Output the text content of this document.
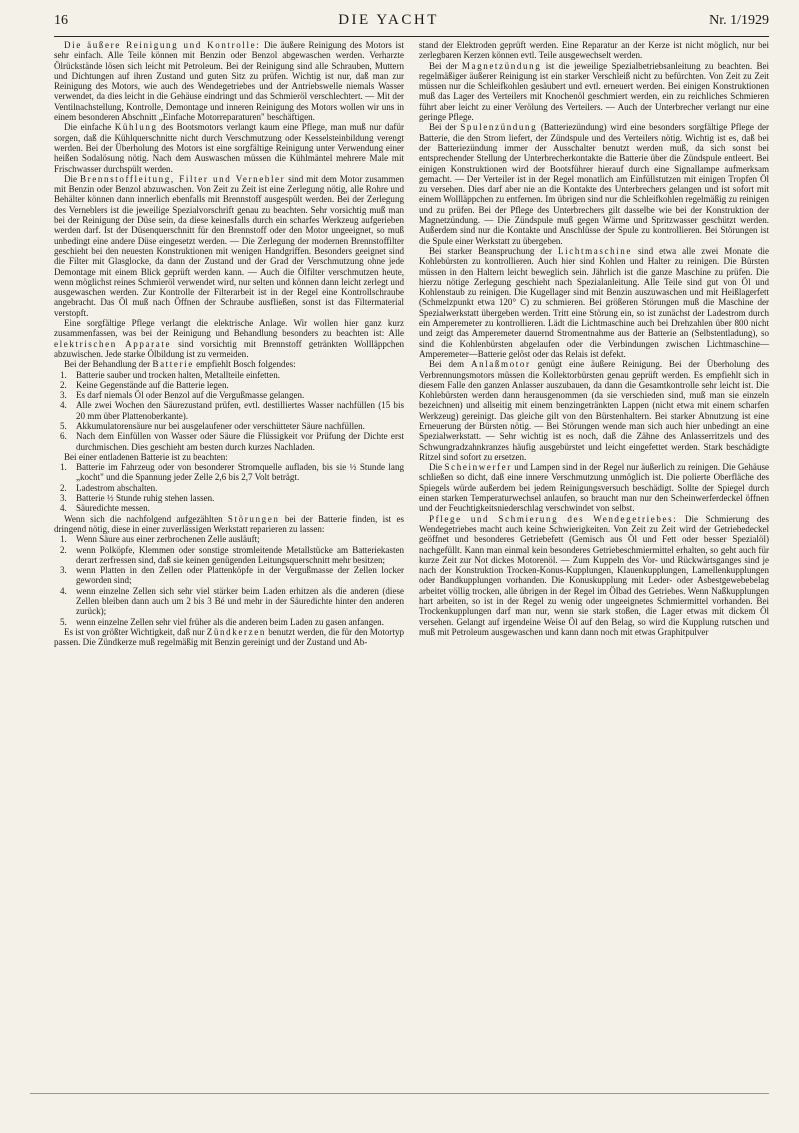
16	DIE YACHT	Nr. 1/1929

Die äußere Reinigung und Kontrolle: Die äußere Reinigung des Motors ist sehr einfach. Alle Teile können mit Benzin oder Benzol abgewaschen werden. Verharzte Ölrückstände lösen sich leicht mit Petroleum. Bei der Reinigung sind alle Schrauben, Muttern und Dichtungen auf ihren Zustand und guten Sitz zu prüfen. Wichtig ist nur, daß man zur Reinigung des Motors, wie auch des Wendegetriebes und der Antriebswelle niemals Wasser verwendet, da dies leicht in die Gehäuse eindringt und das Schmieröl verschlechtert. — Mit der Ventilnachstellung, Kontrolle, Demontage und inneren Reinigung des Motors wollen wir uns in einem besonderen Abschnitt „Einfache Motorreparaturen" beschäftigen.

Die einfache Kühlung des Bootsmotors verlangt kaum eine Pflege, man muß nur dafür sorgen, daß die Kühlquerschnitte nicht durch Verschmutzung oder Kesselsteinbildung verengt werden. Bei der Überholung des Motors ist eine sorgfältige Reinigung unter Verwendung einer heißen Sodalösung nötig. Nach dem Auswaschen müssen die Kühlmäntel mehrere Male mit Frischwasser durchspült werden.

Die Brennstoffleitung, Filter und Vernebler sind mit dem Motor zusammen mit Benzin oder Benzol abzuwaschen. Von Zeit zu Zeit ist eine Zerlegung nötig, alle Rohre und Behälter können dann innerlich ebenfalls mit Brennstoff ausgespült werden. Bei der Zerlegung des Verneblers ist die jeweilige Spezialvorschrift genau zu beachten. Sehr vorsichtig muß man bei der Reinigung der Düse sein, da diese keinesfalls durch ein scharfes Werkzeug aufgerieben werden darf. Ist der Düsenquerschnitt für den Brennstoff oder den Motor ungeeignet, so muß unbedingt eine andere Düse eingesetzt werden. — Die Zerlegung der modernen Brennstoffilter geschieht bei den neuesten Konstruktionen mit wenigen Handgriffen. Besonders geeignet sind die Filter mit Glasglocke, da dann der Zustand und der Grad der Verschmutzung ohne jede Demontage mit einem Blick geprüft werden kann. — Auch die Ölfilter verschmutzen heute, wenn möglichst reines Schmieröl verwendet wird, nur selten und können dann leicht zerlegt und ausgewaschen werden. Zur Kontrolle der Filterarbeit ist in der Regel eine Kontrollschraube angebracht. Das Öl muß nach Öffnen der Schraube ausfließen, sonst ist das Filtermaterial verstopft.

Eine sorgfältige Pflege verlangt die elektrische Anlage. Wir wollen hier ganz kurz zusammenfassen, was bei der Reinigung und Behandlung besonders zu beachten ist: Alle elektrischen Apparate sind vorsichtig mit Brennstoff getränkten Wollläppchen abzuwischen. Jede starke Ölbildung ist zu vermeiden.

Bei der Behandlung der Batterie empfiehlt Bosch folgendes:

1. Batterie sauber und trocken halten, Metallteile einfetten.
2. Keine Gegenstände auf die Batterie legen.
3. Es darf niemals Öl oder Benzol auf die Vergußmasse gelangen.
4. Alle zwei Wochen den Säurezustand prüfen, evtl. destilliertes Wasser nachfüllen (15 bis 20 mm über Plattenoberkante).
5. Akkumulatorensäure nur bei ausgelaufener oder verschütteter Säure nachfüllen.
6. Nach dem Einfüllen von Wasser oder Säure die Flüssigkeit vor Prüfung der Dichte erst durchmischen. Dies geschieht am besten durch kurzes Nachladen.

Bei einer entladenen Batterie ist zu beachten:

1. Batterie im Fahrzeug oder von besonderer Stromquelle aufladen, bis sie ½ Stunde lang „kocht" und die Spannung jeder Zelle 2,6 bis 2,7 Volt beträgt.
2. Ladestrom abschalten.
3. Batterie ½ Stunde ruhig stehen lassen.
4. Säuredichte messen.

Wenn sich die nachfolgend aufgezählten Störungen bei der Batterie finden, ist es dringend nötig, diese in einer zuverlässigen Werkstatt reparieren zu lassen:

1. Wenn Säure aus einer zerbrochenen Zelle ausläuft;
2. wenn Polköpfe, Klemmen oder sonstige stromleitende Metallstücke am Batteriekasten derart zerfressen sind, daß sie keinen genügenden Leitungsquerschnitt mehr besitzen;
3. wenn Platten in den Zellen oder Plattenköpfe in der Vergußmasse der Zellen locker geworden sind;
4. wenn einzelne Zellen sich sehr viel stärker beim Laden erhitzen als die anderen (diese Zellen bleiben dann auch um 2 bis 3 Bé und mehr in der Säuredichte hinter den anderen zurück);
5. wenn einzelne Zellen sehr viel früher als die anderen beim Laden zu gasen anfangen.

Es ist von größter Wichtigkeit, daß nur Zündkerzen benutzt werden, die für den Motortyp passen. Die Zündkerze muß regelmäßig mit Benzin gereinigt und der Zustand und Ab-

stand der Elektroden geprüft werden. Eine Reparatur an der Kerze ist nicht möglich, nur bei zerlegbaren Kerzen können evtl. Teile ausgewechselt werden.

Bei der Magnetzündung ist die jeweilige Spezialbetriebsanleitung zu beachten. Bei regelmäßiger äußerer Reinigung ist ein starker Verschleiß nicht zu befürchten. Von Zeit zu Zeit müssen nur die Schleifkohlen gesäubert und evtl. erneuert werden. Bei einigen Konstruktionen muß das Lager des Verteilers mit Knochenöl geschmiert werden, ein zu reichliches Schmieren führt aber leicht zu einer Verölung des Verteilers. — Auch der Unterbrecher verlangt nur eine geringe Pflege.

Bei der Spulenzündung (Batteriezündung) wird eine besonders sorgfältige Pflege der Batterie, die den Strom liefert, der Zündspule und des Verteilers nötig. Wichtig ist es, daß bei der Batteriezündung immer der Ausschalter benutzt werden muß, da sich sonst bei entsprechender Stellung der Unterbrecherkontakte die Batterie über die Zündspule entleert. Bei einigen Konstruktionen wird der Bootsführer hierauf durch eine Signallampe aufmerksam gemacht. — Der Verteiler ist in der Regel monatlich am Einfüllstutzen mit einigen Tropfen Öl zu versehen. Dies darf aber nie an die Kontakte des Unterbrechers gelangen und ist sofort mit einem Wollläppchen zu entfernen. Im übrigen sind nur die Schleifkohlen regelmäßig zu reinigen und zu prüfen. Bei der Pflege des Unterbrechers gilt dasselbe wie bei der Konstruktion der Magnetzündung. — Die Zündspule muß gegen Wärme und Spritzwasser geschützt werden. Außerdem sind nur die Kontakte und Anschlüsse der Spule zu kontrollieren. Bei Störungen ist die Spule einer Werkstatt zu übergeben.

Bei starker Beanspruchung der Lichtmaschine sind etwa alle zwei Monate die Kohlebürsten zu kontrollieren. Auch hier sind Kohlen und Halter zu reinigen. Die Bürsten müssen in den Haltern leicht beweglich sein. Jährlich ist die ganze Maschine zu prüfen. Die hierzu nötige Zerlegung geschieht nach Spezialanleitung. Alle Teile sind gut von Öl und Kohlenstaub zu reinigen. Die Kugellager sind mit Benzin auszuwaschen und mit Heißlagerfett (Schmelzpunkt etwa 120° C) zu schmieren. Bei größeren Störungen muß die Maschine der Spezialwerkstatt übergeben werden. Tritt eine Störung ein, so ist zunächst der Ladestrom durch ein Amperemeter zu kontrollieren. Lädt die Lichtmaschine auch bei Drehzahlen über 800 nicht und zeigt das Amperemeter dauernd Stromentnahme aus der Batterie an (Selbstentladung), so sind die Kohlenbürsten abgelaufen oder die Verbindungen zwischen Lichtmaschine—Amperemeter—Batterie gelöst oder das Relais ist defekt.

Bei dem Anlaßmotor genügt eine äußere Reinigung. Bei der Überholung des Verbrennungsmotors müssen die Kollektorbürsten genau geprüft werden. Es empfiehlt sich in diesem Falle den ganzen Anlasser auszubauen, da dann die Gesamtkontrolle sehr leicht ist. Die Kohlebürsten werden dann herausgenommen (da sie verschieden sind, muß man sie einzeln bezeichnen) und allseitig mit einem benzingetränkten Lappen (nicht etwa mit einem scharfen Werkzeug) gereinigt. Das gleiche gilt von den Bürstenhaltern. Bei starker Abnutzung ist eine Erneuerung der Bürsten nötig. — Bei Störungen wende man sich auch hier unbedingt an eine Spezialwerkstatt. — Sehr wichtig ist es noch, daß die Zähne des Anlasserritzels und des Schwungradzahnkranzes häufig ausgebürstet und leicht eingefettet werden. Stark beschädigte Ritzel sind sofort zu ersetzen.

Die Scheinwerfer und Lampen sind in der Regel nur äußerlich zu reinigen. Die Gehäuse schließen so dicht, daß eine innere Verschmutzung unmöglich ist. Die polierte Oberfläche des Spiegels würde außerdem bei jedem Reinigungsversuch beschädigt. Sollte der Spiegel durch einen starken Temperaturwechsel anlaufen, so braucht man nur den Scheinwerferdeckel öffnen und der Feuchtigkeitsniederschlag verschwindet von selbst.

Pflege und Schmierung des Wendegetriebes: Die Schmierung des Wendegetriebes macht auch keine Schwierigkeiten. Von Zeit zu Zeit wird der Getriebedeckel geöffnet und besonderes Getriebefett (Gemisch aus Öl und Fett oder besser Spezialöl) nachgefüllt. Kann man einmal kein besonderes Getriebeschmiermittel erhalten, so geht auch für kurze Zeit zur Not dickes Motorenöl. — Zum Kuppeln des Vor- und Rückwärtsganges sind je nach der Konstruktion Trocken-Konus-Kupplungen, Klauenkupplungen, Lamellenkupplungen oder Bandkupplungen vorhanden. Die Konuskupplung mit Leder- oder Asbestgewebebelag arbeitet völlig trocken, alle übrigen in der Regel im Ölbad des Getriebes. Wenn Naßkupplungen hart arbeiten, so ist in der Regel zu wenig oder ungeeignetes Schmiermittel vorhanden. Bei Trockenkupplungen darf man nur, wenn sie stark stoßen, die Lager etwas mit dickem Öl versehen. Gelangt auf irgendeine Weise Öl auf den Belag, so wird die Kupplung rutschen und muß mit Petroleum ausgewaschen und kann dann noch mit etwas Graphitpulver
